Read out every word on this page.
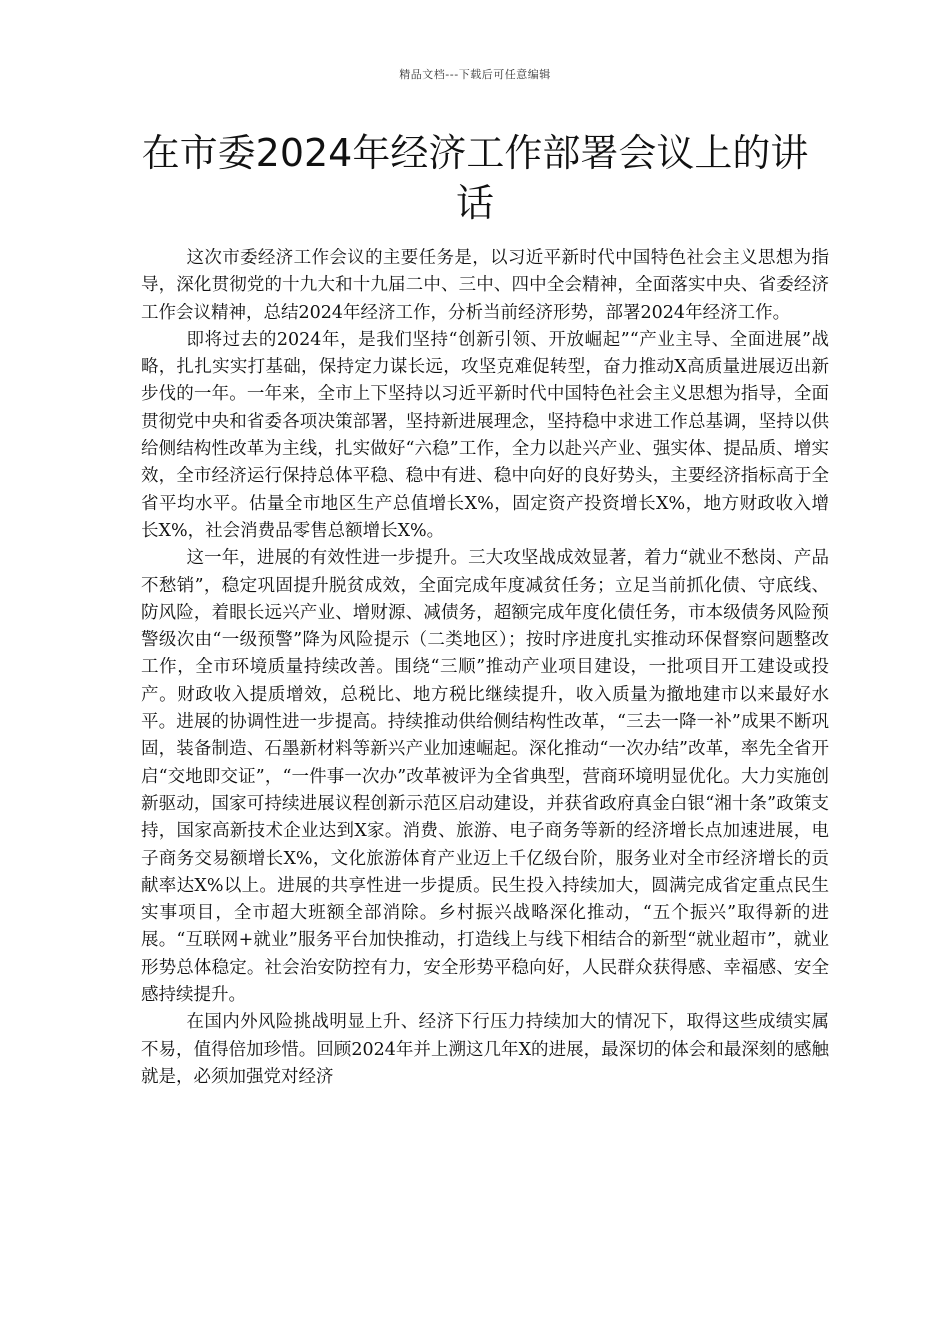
精品文档---下载后可任意编辑
在市委2024年经济工作部署会议上的讲话

这次市委经济工作会议的主要任务是，以习近平新时代中国特色社会主义思想为指导，深化贯彻党的十九大和十九届二中、三中、四中全会精神，全面落实中央、省委经济工作会议精神，总结2024年经济工作，分析当前经济形势，部署2024年经济工作。

即将过去的2024年，是我们坚持“创新引领、开放崛起”“产业主导、全面进展”战略，扎扎实实打基础，保持定力谋长远，攻坚克难促转型，奋力推动X高质量进展迈出新步伐的一年。一年来，全市上下坚持以习近平新时代中国特色社会主义思想为指导，全面贯彻党中央和省委各项决策部署，坚持新进展理念，坚持稳中求进工作总基调，坚持以供给侧结构性改革为主线，扎实做好“六稳”工作，全力以赴兴产业、强实体、提品质、增实效，全市经济运行保持总体平稳、稳中有进、稳中向好的良好势头，主要经济指标高于全省平均水平。估量全市地区生产总值增长X%，固定资产投资增长X%，地方财政收入增长X%，社会消费品零售总额增长X%。

这一年，进展的有效性进一步提升。三大攻坚战成效显著，着力“就业不愁岗、产品不愁销”，稳定巩固提升脱贫成效，全面完成年度减贫任务；立足当前抓化债、守底线、防风险，着眼长远兴产业、增财源、减债务，超额完成年度化债任务，市本级债务风险预警级次由“一级预警”降为风险提示（二类地区）；按时序进度扎实推动环保督察问题整改工作，全市环境质量持续改善。围绕“三顺”推动产业项目建设，一批项目开工建设或投产。财政收入提质增效，总税比、地方税比继续提升，收入质量为撤地建市以来最好水平。进展的协调性进一步提高。持续推动供给侧结构性改革，“三去一降一补”成果不断巩固，装备制造、石墨新材料等新兴产业加速崛起。深化推动“一次办结”改革，率先全省开启“交地即交证”，“一件事一次办”改革被评为全省典型，营商环境明显优化。大力实施创新驱动，国家可持续进展议程创新示范区启动建设，并获省政府真金白银“湘十条”政策支持，国家高新技术企业达到X家。消费、旅游、电子商务等新的经济增长点加速进展，电子商务交易额增长X%，文化旅游体育产业迈上千亿级台阶，服务业对全市经济增长的贡献率达X%以上。进展的共享性进一步提质。民生投入持续加大，圆满完成省定重点民生实事项目，全市超大班额全部消除。乡村振兴战略深化推动，“五个振兴”取得新的进展。“互联网+就业”服务平台加快推动，打造线上与线下相结合的新型“就业超市”，就业形势总体稳定。社会治安防控有力，安全形势平稳向好，人民群众获得感、幸福感、安全感持续提升。

在国内外风险挑战明显上升、经济下行压力持续加大的情况下，取得这些成绩实属不易，值得倍加珍惜。回顾2024年并上溯这几年X的进展，最深切的体会和最深刻的感触就是，必须加强党对经济
